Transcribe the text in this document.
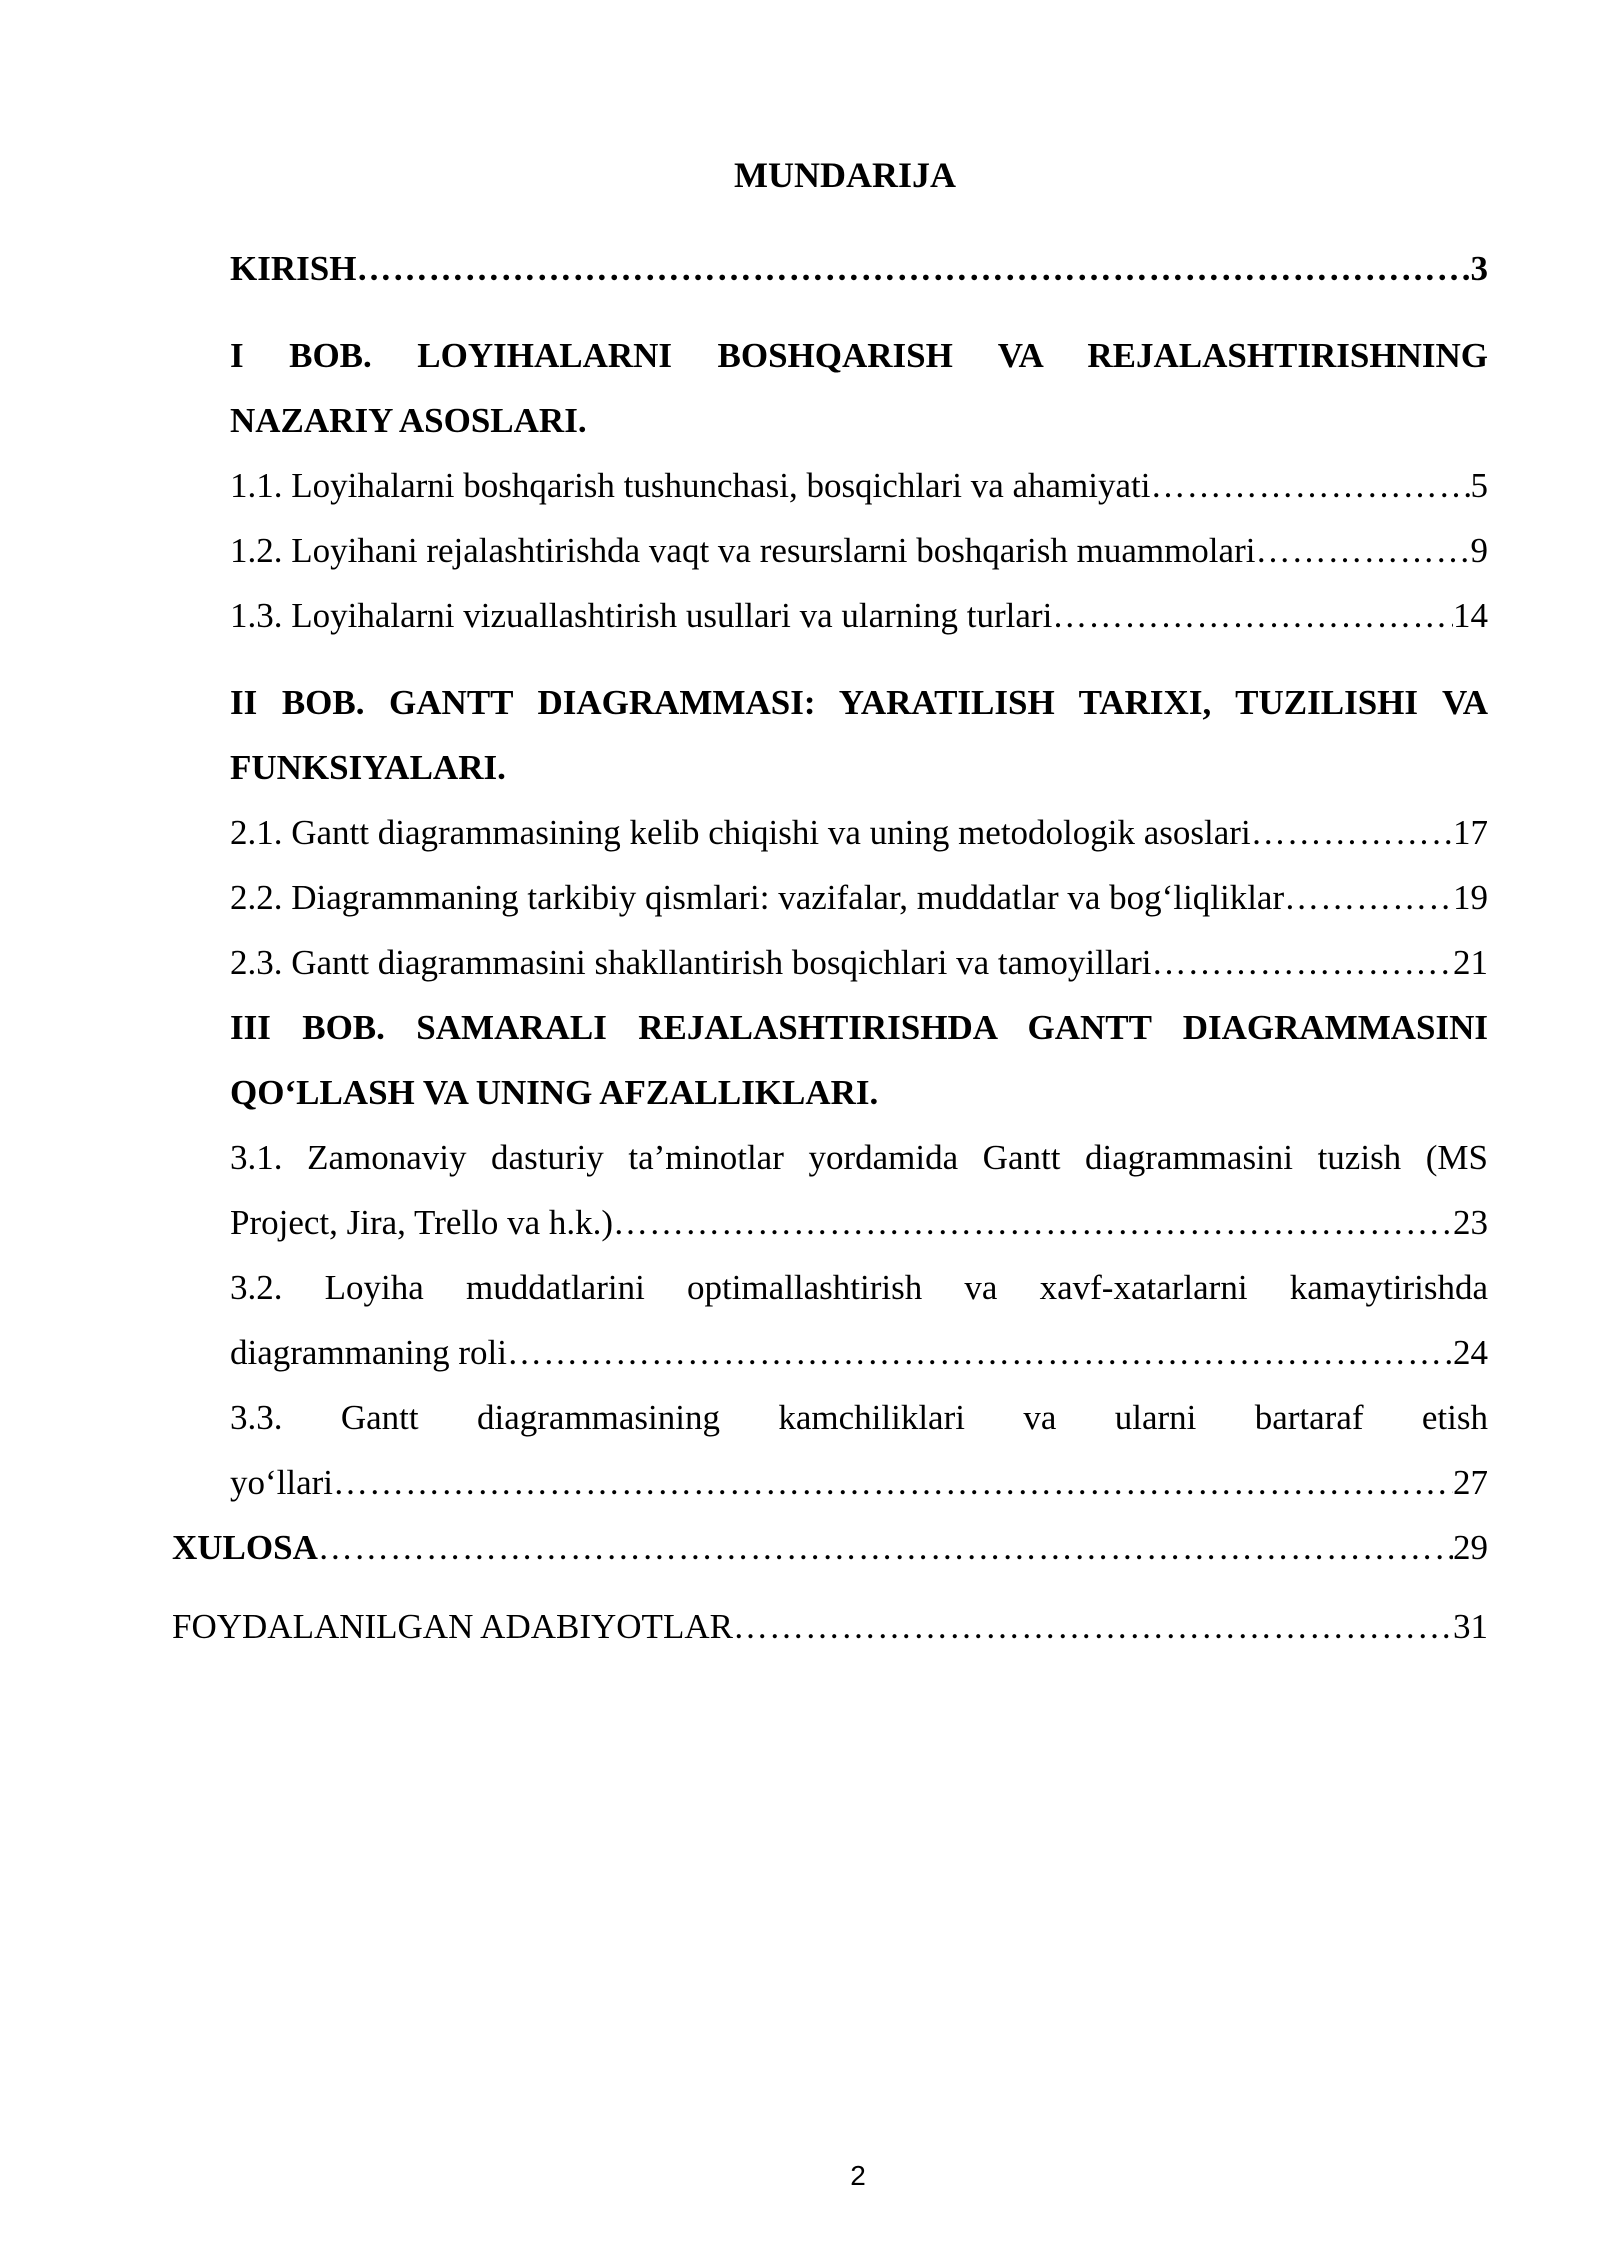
MUNDARIJA
KIRISH ……………………………………………………………………………………………………………………………………………………………………………………	.3
I BOB. LOYIHALARNI BOSHQARISH VA REJALASHTIRISHNING
NAZARIY ASOSLARI.
1.1. Loyihalarni boshqarish tushunchasi, bosqichlari va ahamiyati ……………………………………………………………………………………………………………………………………………………………………………………	5
1.2. Loyihani rejalashtirishda vaqt va resurslarni boshqarish muammolari ……………………………………………………………………………………………………………………………………………………………………………………	9
1.3. Loyihalarni vizuallashtirish usullari va ularning turlari ……………………………………………………………………………………………………………………………………………………………………………………	14
II BOB. GANTT DIAGRAMMASI: YARATILISH TARIXI, TUZILISHI VA
FUNKSIYALARI.
2.1. Gantt diagrammasining kelib chiqishi va uning metodologik asoslari ……………………………………………………………………………………………………………………………………………………………………………………	17
2.2. Diagrammaning tarkibiy qismlari: vazifalar, muddatlar va bog‘liqliklar ……………………………………………………………………………………………………………………………………………………………………………………	19
2.3. Gantt diagrammasini shakllantirish bosqichlari va tamoyillari ……………………………………………………………………………………………………………………………………………………………………………………	21
III BOB. SAMARALI REJALASHTIRISHDA GANTT DIAGRAMMASINI
QO‘LLASH VA UNING AFZALLIKLARI.
3.1. Zamonaviy dasturiy ta’minotlar yordamida Gantt diagrammasini tuzish (MS
Project, Jira, Trello va h.k.) ……………………………………………………………………………………………………………………………………………………………………………………	23
3.2. Loyiha muddatlarini optimallashtirish va xavf-xatarlarni kamaytirishda
diagrammaning roli ……………………………………………………………………………………………………………………………………………………………………………………	24
3.3. Gantt diagrammasining kamchiliklari va ularni bartaraf etish
yo‘llari ……………………………………………………………………………………………………………………………………………………………………………………	27
XULOSA ……………………………………………………………………………………………………………………………………………………………………………………	29
FOYDALANILGAN ADABIYOTLAR ……………………………………………………………………………………………………………………………………………………………………………………	31
2
